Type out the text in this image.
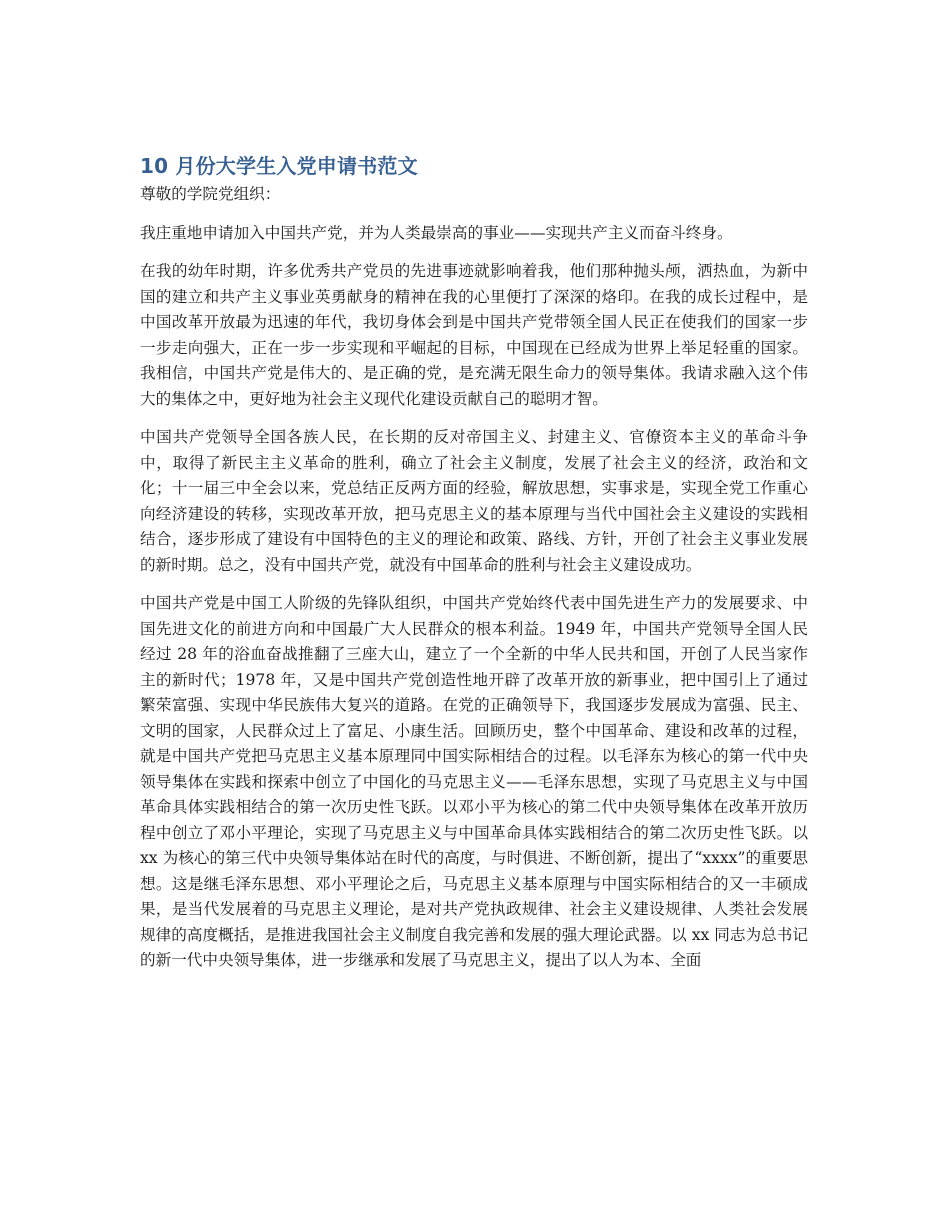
10 月份大学生入党申请书范文

尊敬的学院党组织：

我庄重地申请加入中国共产党，并为人类最崇高的事业——实现共产主义而奋斗终身。

在我的幼年时期，许多优秀共产党员的先进事迹就影响着我，他们那种抛头颅，洒热血，为新中国的建立和共产主义事业英勇献身的精神在我的心里便打了深深的烙印。在我的成长过程中，是中国改革开放最为迅速的年代，我切身体会到是中国共产党带领全国人民正在使我们的国家一步一步走向强大，正在一步一步实现和平崛起的目标，中国现在已经成为世界上举足轻重的国家。我相信，中国共产党是伟大的、是正确的党，是充满无限生命力的领导集体。我请求融入这个伟大的集体之中，更好地为社会主义现代化建设贡献自己的聪明才智。

中国共产党领导全国各族人民，在长期的反对帝国主义、封建主义、官僚资本主义的革命斗争中，取得了新民主主义革命的胜利，确立了社会主义制度，发展了社会主义的经济，政治和文化；十一届三中全会以来，党总结正反两方面的经验，解放思想，实事求是，实现全党工作重心向经济建设的转移，实现改革开放，把马克思主义的基本原理与当代中国社会主义建设的实践相结合，逐步形成了建设有中国特色的主义的理论和政策、路线、方针，开创了社会主义事业发展的新时期。总之，没有中国共产党，就没有中国革命的胜利与社会主义建设成功。

中国共产党是中国工人阶级的先锋队组织，中国共产党始终代表中国先进生产力的发展要求、中国先进文化的前进方向和中国最广大人民群众的根本利益。1949 年，中国共产党领导全国人民经过 28 年的浴血奋战推翻了三座大山，建立了一个全新的中华人民共和国，开创了人民当家作主的新时代；1978 年，又是中国共产党创造性地开辟了改革开放的新事业，把中国引上了通过繁荣富强、实现中华民族伟大复兴的道路。在党的正确领导下，我国逐步发展成为富强、民主、文明的国家，人民群众过上了富足、小康生活。回顾历史，整个中国革命、建设和改革的过程，就是中国共产党把马克思主义基本原理同中国实际相结合的过程。以毛泽东为核心的第一代中央领导集体在实践和探索中创立了中国化的马克思主义——毛泽东思想，实现了马克思主义与中国革命具体实践相结合的第一次历史性飞跃。以邓小平为核心的第二代中央领导集体在改革开放历程中创立了邓小平理论，实现了马克思主义与中国革命具体实践相结合的第二次历史性飞跃。以 xx 为核心的第三代中央领导集体站在时代的高度，与时俱进、不断创新，提出了“xxxx”的重要思想。这是继毛泽东思想、邓小平理论之后，马克思主义基本原理与中国实际相结合的又一丰硕成果，是当代发展着的马克思主义理论，是对共产党执政规律、社会主义建设规律、人类社会发展规律的高度概括，是推进我国社会主义制度自我完善和发展的强大理论武器。以 xx 同志为总书记的新一代中央领导集体，进一步继承和发展了马克思主义，提出了以人为本、全面
